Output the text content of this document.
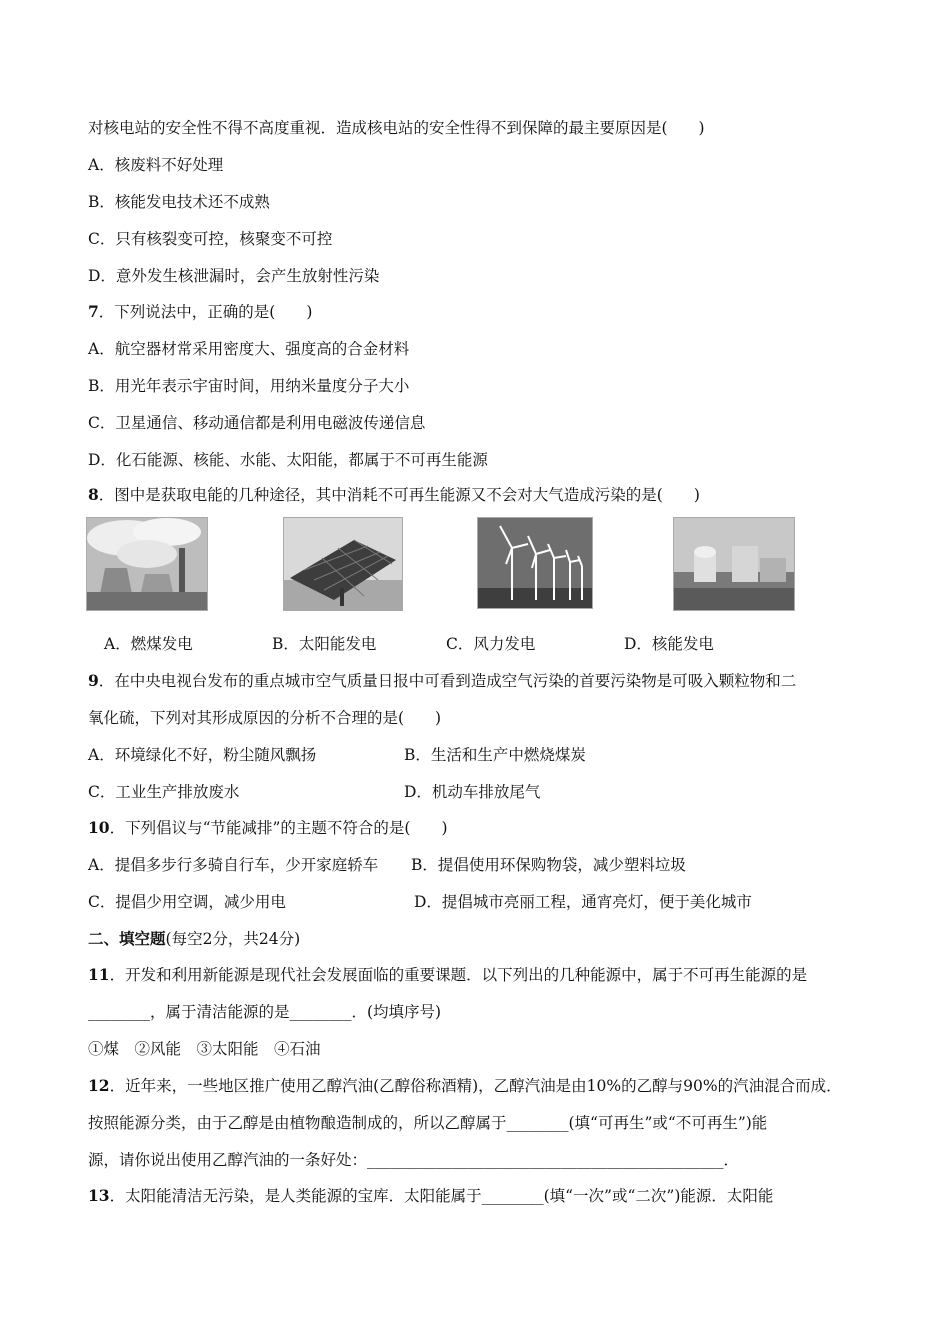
对核电站的安全性不得不高度重视．造成核电站的安全性得不到保障的最主要原因是(　　)
A．核废料不好处理
B．核能发电技术还不成熟
C．只有核裂变可控，核聚变不可控
D．意外发生核泄漏时，会产生放射性污染
7．下列说法中，正确的是(　　)
A．航空器材常采用密度大、强度高的合金材料
B．用光年表示宇宙时间，用纳米量度分子大小
C．卫星通信、移动通信都是利用电磁波传递信息
D．化石能源、核能、水能、太阳能，都属于不可再生能源
8．图中是获取电能的几种途径，其中消耗不可再生能源又不会对大气造成污染的是(　　)
A．燃煤发电	B．太阳能发电	C．风力发电	D．核能发电
9．在中央电视台发布的重点城市空气质量日报中可看到造成空气污染的首要污染物是可吸入颗粒物和二
氧化硫，下列对其形成原因的分析不合理的是(　　)
A．环境绿化不好，粉尘随风飘扬	B．生活和生产中燃烧煤炭
C．工业生产排放废水	D．机动车排放尾气
10．下列倡议与“节能减排”的主题不符合的是(　　)
A．提倡多步行多骑自行车，少开家庭轿车 B．提倡使用环保购物袋，减少塑料垃圾
C．提倡少用空调，减少用电	D．提倡城市亮丽工程，通宵亮灯，便于美化城市
二、填空题(每空2分，共24分)
11．开发和利用新能源是现代社会发展面临的重要课题．以下列出的几种能源中，属于不可再生能源的是
________，属于清洁能源的是________．(均填序号)
①煤　②风能　③太阳能　④石油
12．近年来，一些地区推广使用乙醇汽油(乙醇俗称酒精)，乙醇汽油是由10%的乙醇与90%的汽油混合而成．
按照能源分类，由于乙醇是由植物酿造制成的，所以乙醇属于________(填“可再生”或“不可再生”)能
源，请你说出使用乙醇汽油的一条好处：______________________________________________．
13．太阳能清洁无污染，是人类能源的宝库．太阳能属于________(填“一次”或“二次”)能源．太阳能
